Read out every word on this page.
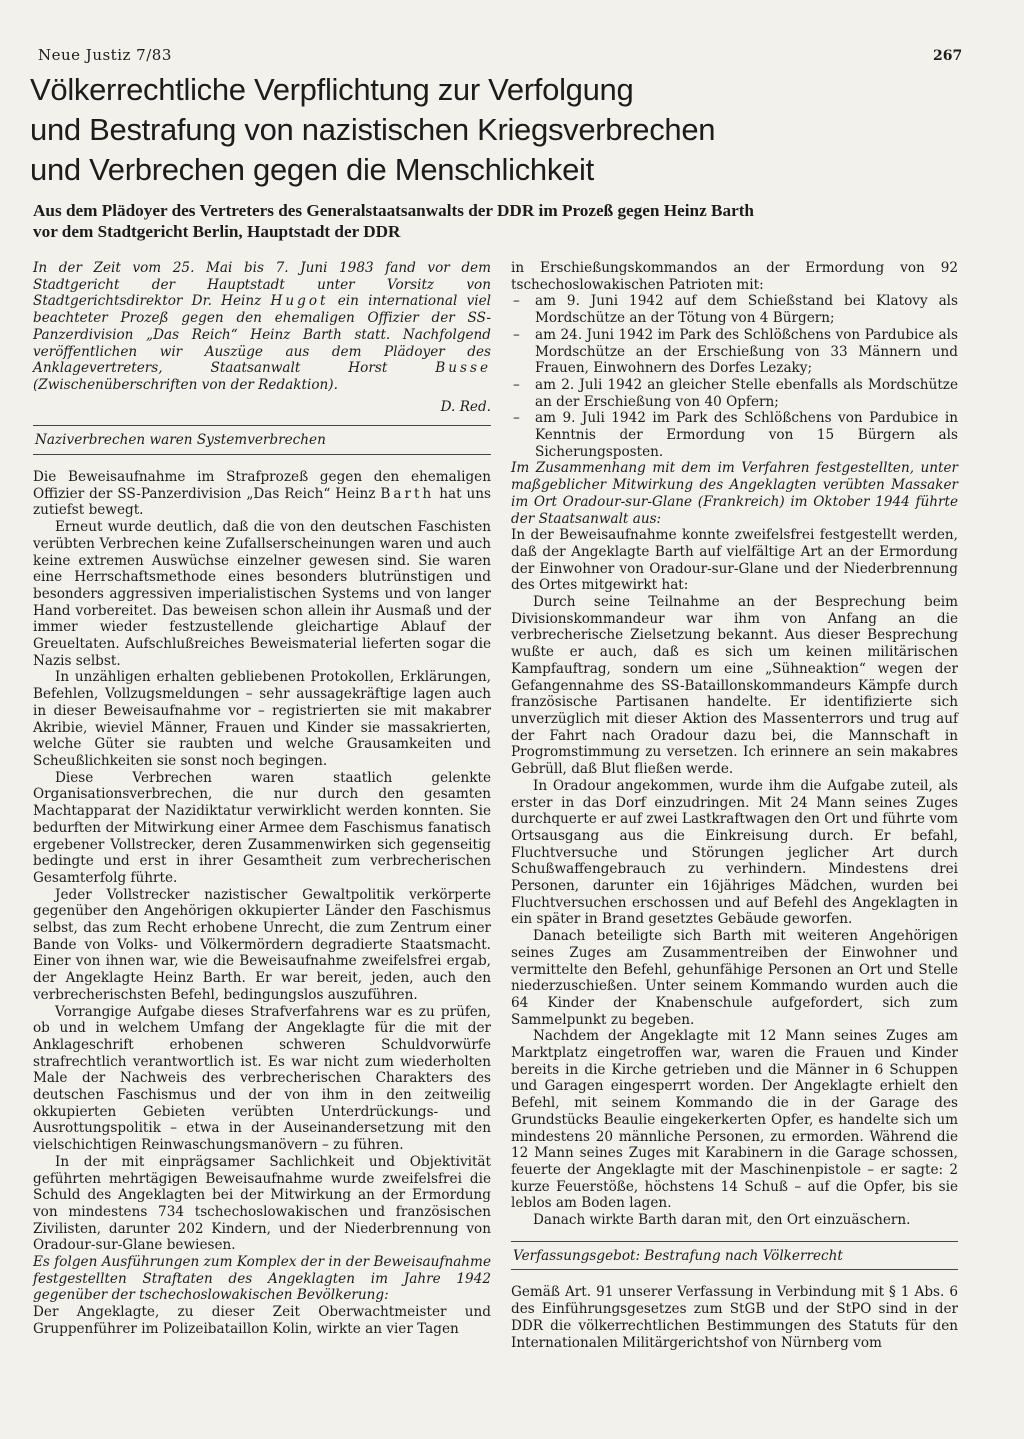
Neue Justiz 7/83	267
Völkerrechtliche Verpflichtung zur Verfolgung
und Bestrafung von nazistischen Kriegsverbrechen
und Verbrechen gegen die Menschlichkeit
Aus dem Plädoyer des Vertreters des Generalstaatsanwalts der DDR im Prozeß gegen Heinz Barth
vor dem Stadtgericht Berlin, Hauptstadt der DDR

In der Zeit vom 25. Mai bis 7. Juni 1983 fand vor dem Stadtgericht der Hauptstadt unter Vorsitz von Stadtgerichtsdirektor Dr. Heinz Hugot ein international viel beachteter Prozeß gegen den ehemaligen Offizier der SS-Panzerdivision „Das Reich“ Heinz Barth statt. Nachfolgend veröffentlichen wir Auszüge aus dem Plädoyer des Anklagevertreters, Staatsanwalt Horst Busse (Zwischenüberschriften von der Redaktion).

D. Red.

Naziverbrechen waren Systemverbrechen

Die Beweisaufnahme im Strafprozeß gegen den ehemaligen Offizier der SS-Panzerdivision „Das Reich“ Heinz Barth hat uns zutiefst bewegt.

Erneut wurde deutlich, daß die von den deutschen Faschisten verübten Verbrechen keine Zufallserscheinungen waren und auch keine extremen Auswüchse einzelner gewesen sind. Sie waren eine Herrschaftsmethode eines besonders blutrünstigen und besonders aggressiven imperialistischen Systems und von langer Hand vorbereitet. Das beweisen schon allein ihr Ausmaß und der immer wieder festzustellende gleichartige Ablauf der Greueltaten. Aufschlußreiches Beweismaterial lieferten sogar die Nazis selbst.

In unzähligen erhalten gebliebenen Protokollen, Erklärungen, Befehlen, Vollzugsmeldungen – sehr aussagekräftige lagen auch in dieser Beweisaufnahme vor – registrierten sie mit makabrer Akribie, wieviel Männer, Frauen und Kinder sie massakrierten, welche Güter sie raubten und welche Grausamkeiten und Scheußlichkeiten sie sonst noch begingen.

Diese Verbrechen waren staatlich gelenkte Organisationsverbrechen, die nur durch den gesamten Machtapparat der Nazidiktatur verwirklicht werden konnten. Sie bedurften der Mitwirkung einer Armee dem Faschismus fanatisch ergebener Vollstrecker, deren Zusammenwirken sich gegenseitig bedingte und erst in ihrer Gesamtheit zum verbrecherischen Gesamterfolg führte.

Jeder Vollstrecker nazistischer Gewaltpolitik verkörperte gegenüber den Angehörigen okkupierter Länder den Faschismus selbst, das zum Recht erhobene Unrecht, die zum Zentrum einer Bande von Volks- und Völkermördern degradierte Staatsmacht. Einer von ihnen war, wie die Beweisaufnahme zweifelsfrei ergab, der Angeklagte Heinz Barth. Er war bereit, jeden, auch den verbrecherischsten Befehl, bedingungslos auszuführen.

Vorrangige Aufgabe dieses Strafverfahrens war es zu prüfen, ob und in welchem Umfang der Angeklagte für die mit der Anklageschrift erhobenen schweren Schuldvorwürfe strafrechtlich verantwortlich ist. Es war nicht zum wiederholten Male der Nachweis des verbrecherischen Charakters des deutschen Faschismus und der von ihm in den zeitweilig okkupierten Gebieten verübten Unterdrückungs- und Ausrottungspolitik – etwa in der Auseinandersetzung mit den vielschichtigen Reinwaschungsmanövern – zu führen.

In der mit einprägsamer Sachlichkeit und Objektivität geführten mehrtägigen Beweisaufnahme wurde zweifelsfrei die Schuld des Angeklagten bei der Mitwirkung an der Ermordung von mindestens 734 tschechoslowakischen und französischen Zivilisten, darunter 202 Kindern, und der Niederbrennung von Oradour-sur-Glane bewiesen.

Es folgen Ausführungen zum Komplex der in der Beweisaufnahme festgestellten Straftaten des Angeklagten im Jahre 1942 gegenüber der tschechoslowakischen Bevölkerung:

Der Angeklagte, zu dieser Zeit Oberwachtmeister und Gruppenführer im Polizeibataillon Kolin, wirkte an vier Tagen

in Erschießungskommandos an der Ermordung von 92 tschechoslowakischen Patrioten mit:

– am 9. Juni 1942 auf dem Schießstand bei Klatovy als Mordschütze an der Tötung von 4 Bürgern;
– am 24. Juni 1942 im Park des Schlößchens von Pardubice als Mordschütze an der Erschießung von 33 Männern und Frauen, Einwohnern des Dorfes Lezaky;
– am 2. Juli 1942 an gleicher Stelle ebenfalls als Mordschütze an der Erschießung von 40 Opfern;
– am 9. Juli 1942 im Park des Schlößchens von Pardubice in Kenntnis der Ermordung von 15 Bürgern als Sicherungsposten.

Im Zusammenhang mit dem im Verfahren festgestellten, unter maßgeblicher Mitwirkung des Angeklagten verübten Massaker im Ort Oradour-sur-Glane (Frankreich) im Oktober 1944 führte der Staatsanwalt aus:

In der Beweisaufnahme konnte zweifelsfrei festgestellt werden, daß der Angeklagte Barth auf vielfältige Art an der Ermordung der Einwohner von Oradour-sur-Glane und der Niederbrennung des Ortes mitgewirkt hat:

Durch seine Teilnahme an der Besprechung beim Divisionskommandeur war ihm von Anfang an die verbrecherische Zielsetzung bekannt. Aus dieser Besprechung wußte er auch, daß es sich um keinen militärischen Kampfauftrag, sondern um eine „Sühneaktion“ wegen der Gefangennahme des SS-Bataillonskommandeurs Kämpfe durch französische Partisanen handelte. Er identifizierte sich unverzüglich mit dieser Aktion des Massenterrors und trug auf der Fahrt nach Oradour dazu bei, die Mannschaft in Progromstimmung zu versetzen. Ich erinnere an sein makabres Gebrüll, daß Blut fließen werde.

In Oradour angekommen, wurde ihm die Aufgabe zuteil, als erster in das Dorf einzudringen. Mit 24 Mann seines Zuges durchquerte er auf zwei Lastkraftwagen den Ort und führte vom Ortsausgang aus die Einkreisung durch. Er befahl, Fluchtversuche und Störungen jeglicher Art durch Schußwaffengebrauch zu verhindern. Mindestens drei Personen, darunter ein 16jähriges Mädchen, wurden bei Fluchtversuchen erschossen und auf Befehl des Angeklagten in ein später in Brand gesetztes Gebäude geworfen.

Danach beteiligte sich Barth mit weiteren Angehörigen seines Zuges am Zusammentreiben der Einwohner und vermittelte den Befehl, gehunfähige Personen an Ort und Stelle niederzuschießen. Unter seinem Kommando wurden auch die 64 Kinder der Knabenschule aufgefordert, sich zum Sammelpunkt zu begeben.

Nachdem der Angeklagte mit 12 Mann seines Zuges am Marktplatz eingetroffen war, waren die Frauen und Kinder bereits in die Kirche getrieben und die Männer in 6 Schuppen und Garagen eingesperrt worden. Der Angeklagte erhielt den Befehl, mit seinem Kommando die in der Garage des Grundstücks Beaulie eingekerkerten Opfer, es handelte sich um mindestens 20 männliche Personen, zu ermorden. Während die 12 Mann seines Zuges mit Karabinern in die Garage schossen, feuerte der Angeklagte mit der Maschinenpistole – er sagte: 2 kurze Feuerstöße, höchstens 14 Schuß – auf die Opfer, bis sie leblos am Boden lagen.

Danach wirkte Barth daran mit, den Ort einzuäschern.

Verfassungsgebot: Bestrafung nach Völkerrecht

Gemäß Art. 91 unserer Verfassung in Verbindung mit § 1 Abs. 6 des Einführungsgesetzes zum StGB und der StPO sind in der DDR die völkerrechtlichen Bestimmungen des Statuts für den Internationalen Militärgerichtshof von Nürnberg vom
